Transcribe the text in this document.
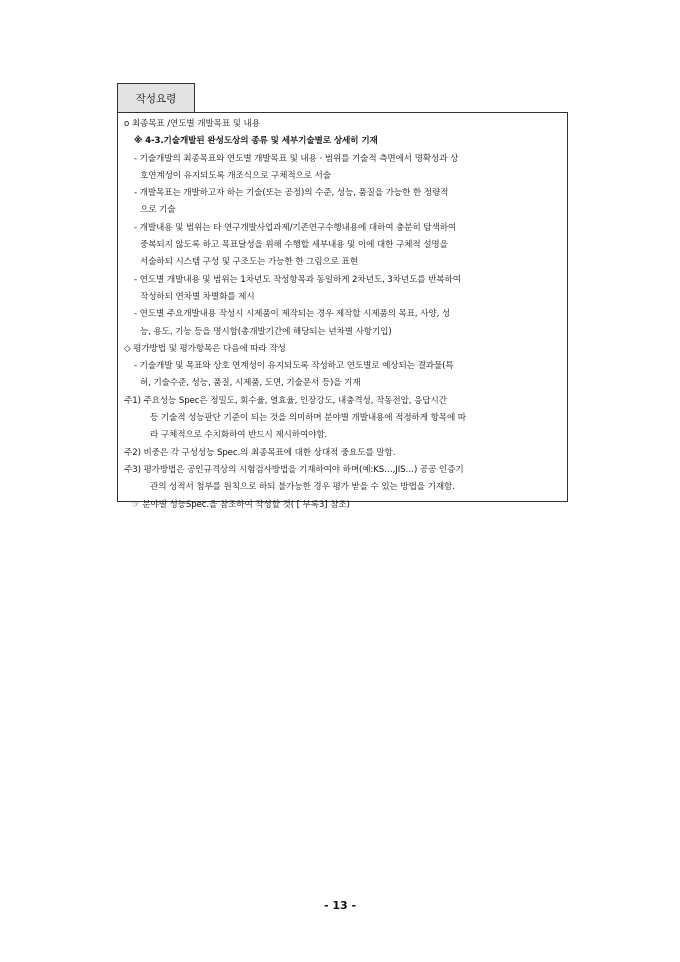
작성요령
o 최종목표 /연도별 개발목표 및 내용
※ 4-3.기술개발된 완성도상의 종류 및 세부기술별로 상세히 기재
- 기술개발의 최종목표와 연도별 개발목표 및 내용 · 범위를 기술적 측면에서 명확성과 상
호연계성이 유지되도록 개조식으로 구체적으로 서술
- 개발목표는 개발하고자 하는 기술(또는 공정)의 수준, 성능, 품질을 가능한 한 정량적
으로 기술
- 개발내용 및 범위는 타 연구개발사업과제/기존연구수행내용에 대하여 충분히 탐색하여
중복되지 않도록 하고 목표달성을 위해 수행할 세부내용 및 이에 대한 구체적 설명을
서술하되 시스템 구성 및 구조도는 가능한 한 그림으로 표현
- 연도별 개발내용 및 범위는 1차년도 작성항목과 동일하게 2차년도, 3차년도를 반복하여
작성하되 연차별 차별화를 제시
- 연도별 주요개발내용 작성시 시제품이 제작되는 경우 제작할 시제품의 목표, 사양, 성
능, 용도, 기능 등을 명시함(총개발기간에 해당되는 년차별 사항기입)
◇ 평가방법 및 평가항목은 다음에 따라 작성
- 기술개발 및 목표와 상호 연계성이 유지되도록 작성하고 연도별로 예상되는 결과물(특
허, 기술수준, 성능, 품질, 시제품, 도면, 기술문서 등)을 기재
주1) 주요성능 Spec은 정밀도, 회수율, 열효율, 인장강도, 내충격성, 작동전압, 응답시간
등 기술적 성능판단 기준이 되는 것을 의미하며 분야별 개발내용에 적정하게 항목에 따
라 구체적으로 수치화하여 반드시 제시하여야함.
주2) 비중은 각 구성성능 Spec.의 최종목표에 대한 상대적 중요도를 말함.
주3) 평가방법은 공인규격상의 시험검사방법을 기재하여야 하며(예:KS…,JIS…) 공공 인증기
관의 성적서 첨부를 원칙으로 하되 불가능한 경우 평가 받을 수 있는 방법을 기재함.
☞ 분야별 성능Spec.을 참조하여 작성할 것( [ 부록3] 참조)
- 13 -
